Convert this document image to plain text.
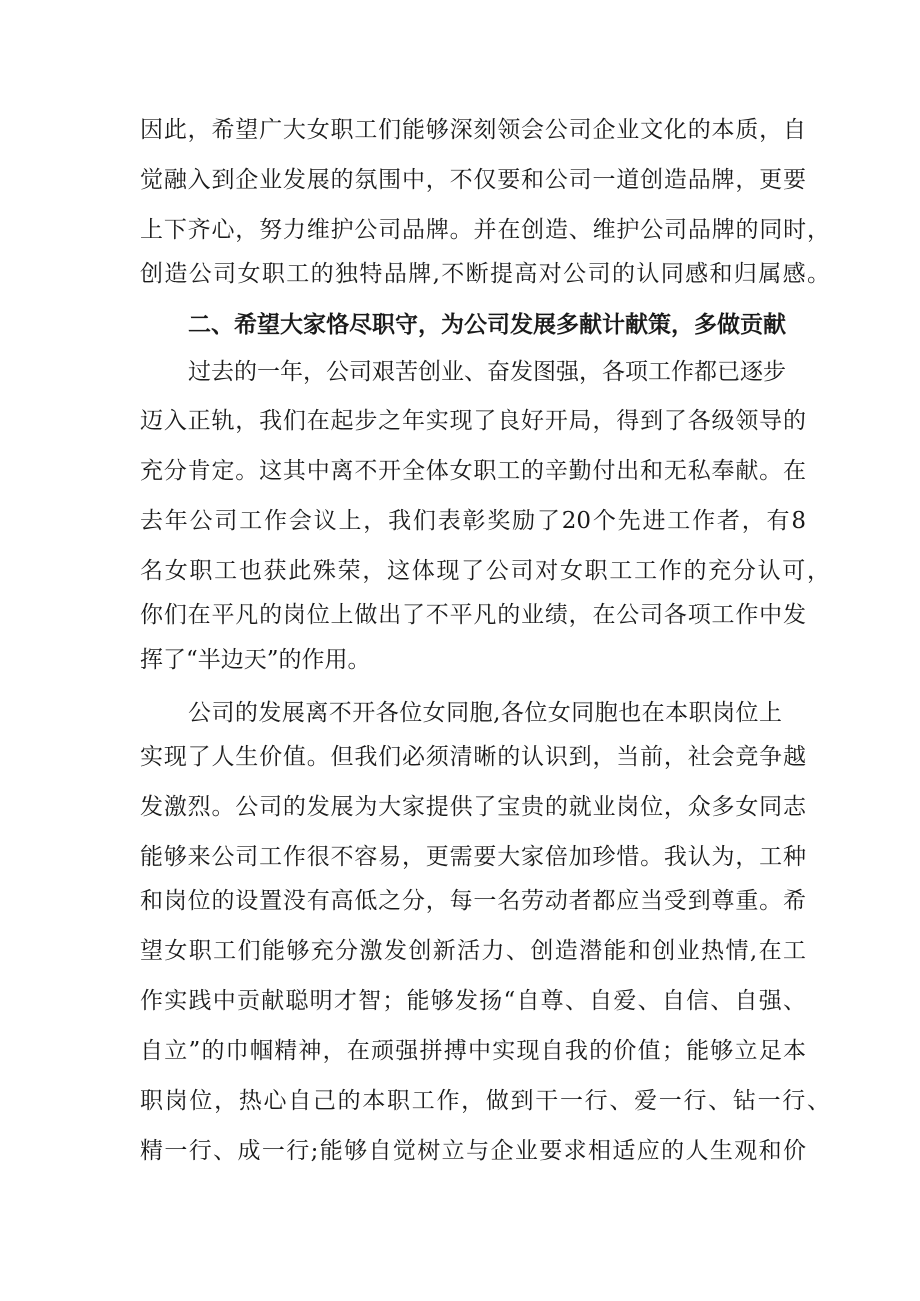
因此，希望广大女职工们能够深刻领会公司企业文化的本质，自
觉融入到企业发展的氛围中，不仅要和公司一道创造品牌，更要
上下齐心，努力维护公司品牌。并在创造、维护公司品牌的同时，
创造公司女职工的独特品牌,不断提高对公司的认同感和归属感。
二、希望大家恪尽职守，为公司发展多献计献策，多做贡献
过去的一年，公司艰苦创业、奋发图强，各项工作都已逐步
迈入正轨，我们在起步之年实现了良好开局，得到了各级领导的
充分肯定。这其中离不开全体女职工的辛勤付出和无私奉献。在
去年公司工作会议上，我们表彰奖励了20个先进工作者，有8
名女职工也获此殊荣，这体现了公司对女职工工作的充分认可，
你们在平凡的岗位上做出了不平凡的业绩，在公司各项工作中发
挥了“半边天”的作用。
公司的发展离不开各位女同胞,各位女同胞也在本职岗位上
实现了人生价值。但我们必须清晰的认识到，当前，社会竞争越
发激烈。公司的发展为大家提供了宝贵的就业岗位，众多女同志
能够来公司工作很不容易，更需要大家倍加珍惜。我认为，工种
和岗位的设置没有高低之分，每一名劳动者都应当受到尊重。希
望女职工们能够充分激发创新活力、创造潜能和创业热情,在工
作实践中贡献聪明才智；能够发扬“自尊、自爱、自信、自强、
自立”的巾帼精神，在顽强拼搏中实现自我的价值；能够立足本
职岗位，热心自己的本职工作，做到干一行、爱一行、钻一行、
精一行、成一行;能够自觉树立与企业要求相适应的人生观和价
